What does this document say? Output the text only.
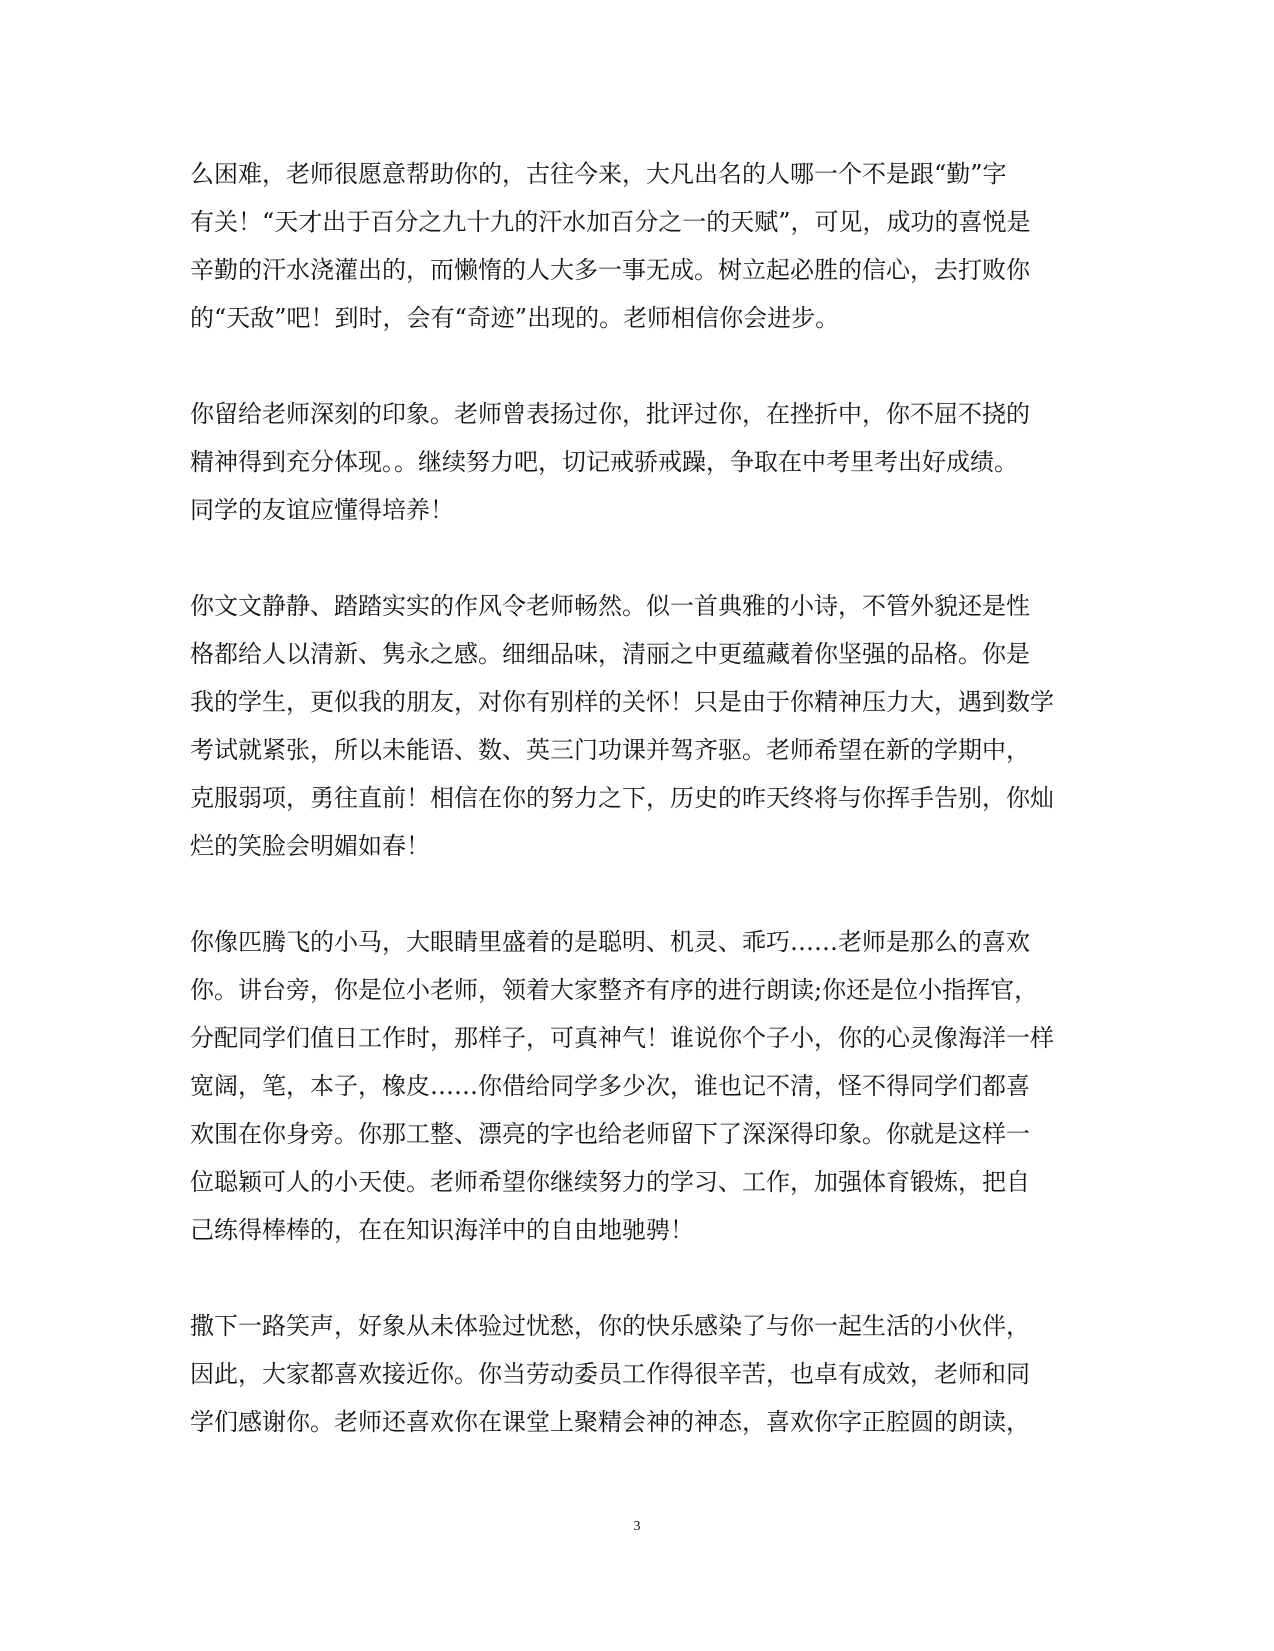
么困难，老师很愿意帮助你的，古往今来，大凡出名的人哪一个不是跟“勤”字
有关！“天才出于百分之九十九的汗水加百分之一的天赋”，可见，成功的喜悦是
辛勤的汗水浇灌出的，而懒惰的人大多一事无成。树立起必胜的信心，去打败你
的“天敌”吧！到时，会有“奇迹”出现的。老师相信你会进步。
你留给老师深刻的印象。老师曾表扬过你，批评过你，在挫折中，你不屈不挠的
精神得到充分体现。。继续努力吧，切记戒骄戒躁，争取在中考里考出好成绩。
同学的友谊应懂得培养！
你文文静静、踏踏实实的作风令老师畅然。似一首典雅的小诗，不管外貌还是性
格都给人以清新、隽永之感。细细品味，清丽之中更蕴藏着你坚强的品格。你是
我的学生，更似我的朋友，对你有别样的关怀！只是由于你精神压力大，遇到数学
考试就紧张，所以未能语、数、英三门功课并驾齐驱。老师希望在新的学期中，
克服弱项，勇往直前！相信在你的努力之下，历史的昨天终将与你挥手告别，你灿
烂的笑脸会明媚如春！
你像匹腾飞的小马，大眼睛里盛着的是聪明、机灵、乖巧……老师是那么的喜欢
你。讲台旁，你是位小老师，领着大家整齐有序的进行朗读;你还是位小指挥官，
分配同学们值日工作时，那样子，可真神气！谁说你个子小，你的心灵像海洋一样
宽阔，笔，本子，橡皮……你借给同学多少次，谁也记不清，怪不得同学们都喜
欢围在你身旁。你那工整、漂亮的字也给老师留下了深深得印象。你就是这样一
位聪颖可人的小天使。老师希望你继续努力的学习、工作，加强体育锻炼，把自
己练得棒棒的，在在知识海洋中的自由地驰骋！
撒下一路笑声，好象从未体验过忧愁，你的快乐感染了与你一起生活的小伙伴，
因此，大家都喜欢接近你。你当劳动委员工作得很辛苦，也卓有成效，老师和同
学们感谢你。老师还喜欢你在课堂上聚精会神的神态，喜欢你字正腔圆的朗读，
3
